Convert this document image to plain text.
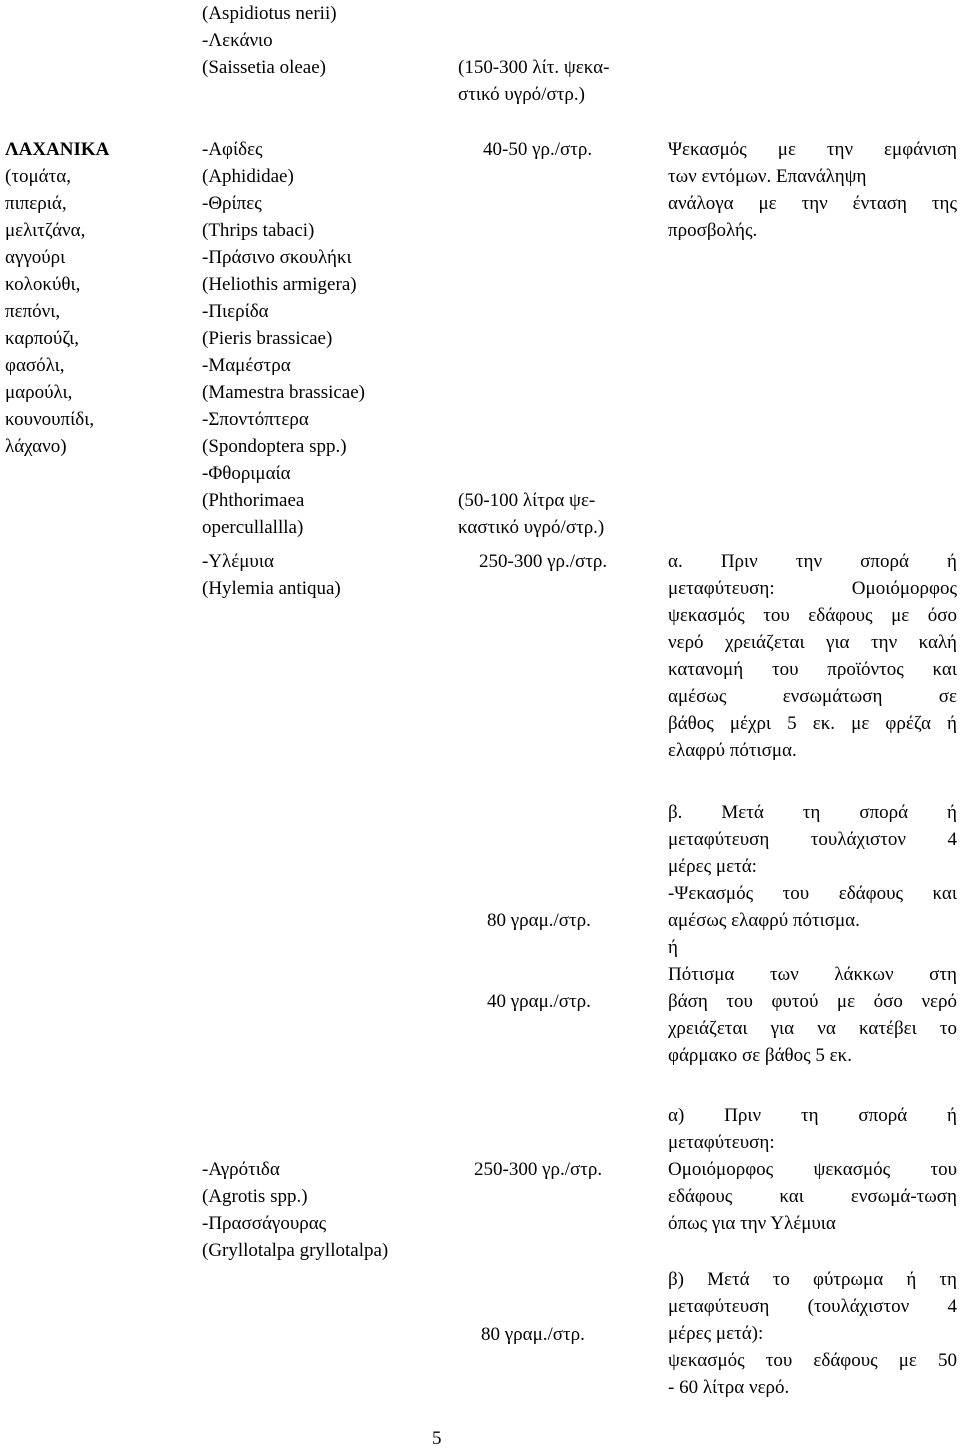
(Aspidiotus nerii)
-Λεκάνιο
(Saissetia oleae)	(150-300 λίτ. ψεκα-
στικό υγρό/στρ.)
ΛΑΧΑΝΙΚΑ
(τομάτα,
πιπεριά,
μελιτζάνα,
αγγούρι
κολοκύθι,
πεπόνι,
καρπούζι,
φασόλι,
μαρούλι,
κουνουπίδι,
λάχανο)
-Αφίδες
(Aphididae)
-Θρίπες
(Thrips tabaci)
-Πράσινο σκουλήκι
(Heliothis armigera)
-Πιερίδα
(Pieris brassicae)
-Μαμέστρα
(Mamestra brassicae)
-Σποντόπτερα
(Spondoptera spp.)
-Φθοριμαία
(Phthorimaea
opercullallla)
40-50 γρ./στρ.
(50-100 λίτρα ψε-
καστικό υγρό/στρ.)
Ψεκασμός με την εμφάνιση
των εντόμων. Επανάληψη
ανάλογα με την ένταση της
προσβολής.
-Υλέμυια
(Hylemia antiqua)
250-300 γρ./στρ.
80 γραμ./στρ.
40 γραμ./στρ.
α. Πριν την σπορά ή
μεταφύτευση: Ομοιόμορφος
ψεκασμός του εδάφους με όσο
νερό χρειάζεται για την καλή
κατανομή του προϊόντος και
αμέσως ενσωμάτωση σε
βάθος μέχρι 5 εκ. με φρέζα ή
ελαφρύ πότισμα.
β. Μετά τη σπορά ή
μεταφύτευση τουλάχιστον 4
μέρες μετά:
-Ψεκασμός του εδάφους και
αμέσως ελαφρύ πότισμα.
ή
Πότισμα των λάκκων στη
βάση του φυτού με όσο νερό
χρειάζεται για να κατέβει το
φάρμακο σε βάθος 5 εκ.
-Αγρότιδα
(Agrotis spp.)
-Πρασσάγουρας
(Gryllotalpa gryllotalpa)
250-300 γρ./στρ.
80 γραμ./στρ.
α) Πριν τη σπορά ή
μεταφύτευση:
Ομοιόμορφος ψεκασμός του
εδάφους και ενσωμά-τωση
όπως για την Υλέμυια
β) Μετά το φύτρωμα ή τη
μεταφύτευση (τουλάχιστον 4
μέρες μετά):
ψεκασμός του εδάφους με 50
- 60 λίτρα νερό.
5
